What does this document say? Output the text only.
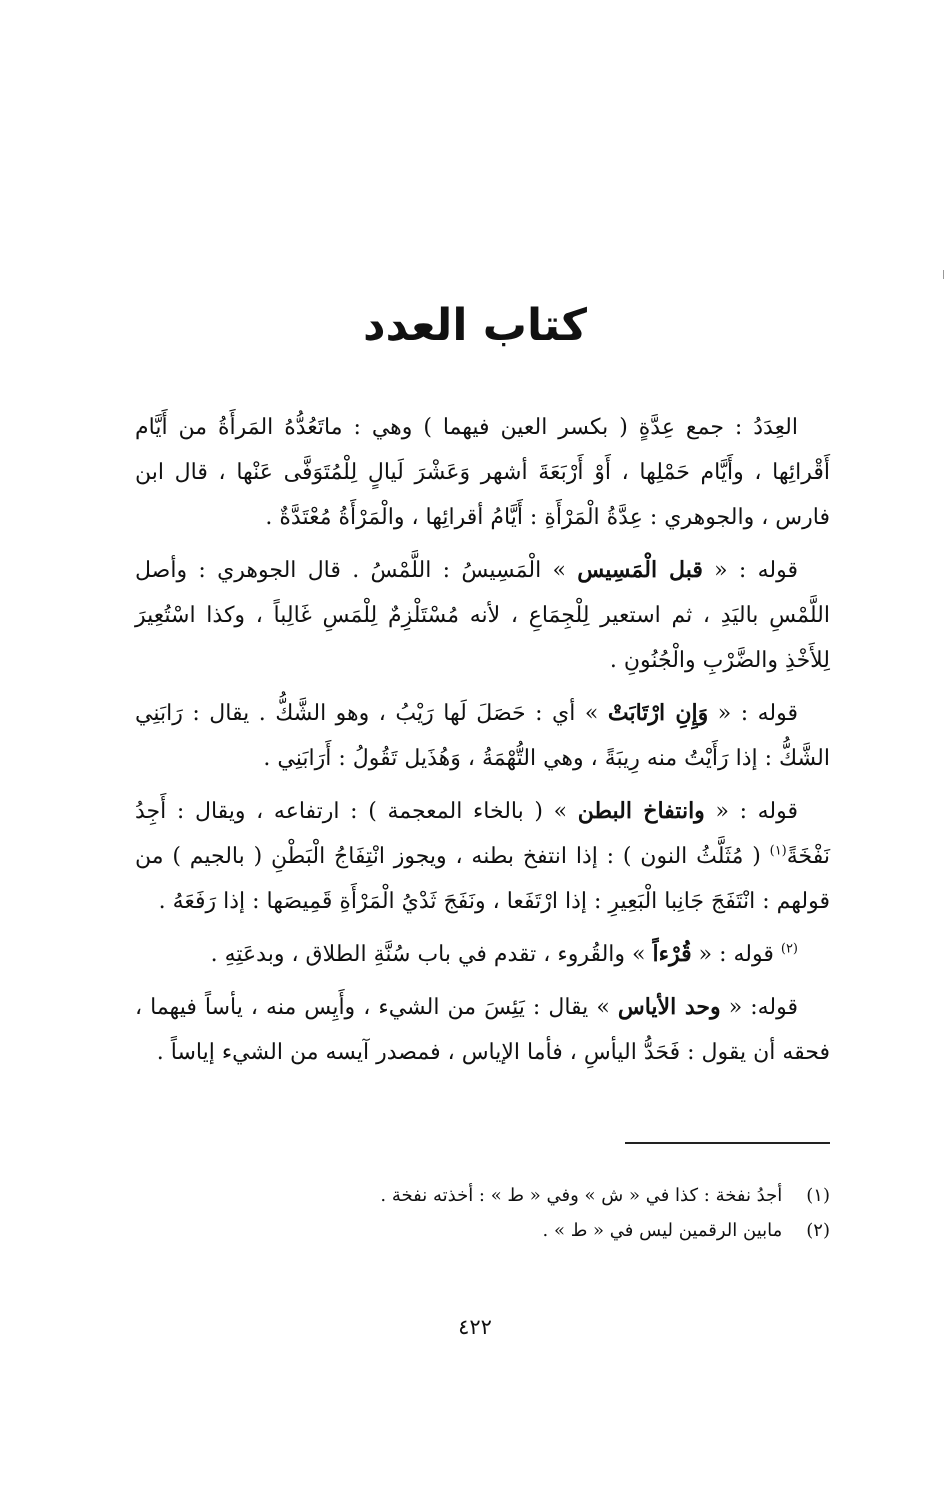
كتاب العدد

العِدَدُ : جمع عِدَّةٍ ( بكسر العين فيهما ) وهي : ماتَعُدُّهُ المَرأَةُ من أَيَّام أَقْرائِها ، وأَيَّام حَمْلِها ، أَوْ أَرْبَعَةَ أشهر وَعَشْرَ لَيالٍ لِلْمُتَوَفَّى عَنْها ، قال ابن فارس ، والجوهري : عِدَّةُ الْمَرْأَةِ : أَيَّامُ أقرائِها ، والْمَرْأَةُ مُعْتَدَّةٌ .

قوله : « قبل الْمَسِيس » الْمَسِيسُ : اللَّمْسُ . قال الجوهري : وأصل اللَّمْسِ باليَدِ ، ثم استعير لِلْجِمَاعِ ، لأنه مُسْتَلْزِمٌ لِلْمَسِ غَالِباً ، وكذا اسْتُعِيرَ لِلأَخْذِ والضَّرْبِ والْجُنُونِ .

قوله : « وَإِنِ ارْتَابَتْ » أي : حَصَلَ لَها رَيْبُ ، وهو الشَّكُّ . يقال : رَابَنِي الشَّكُّ : إذا رَأَيْتُ منه رِيبَةً ، وهي التُّهْمَةُ ، وَهُذَيل تَقُولُ : أَرَابَنِي .

قوله : « وانتفاخ البطن » ( بالخاء المعجمة ) : ارتفاعه ، ويقال : أَجِدُ نَفْخَةً$^{(١)}$ ( مُثَلَّثُ النون ) : إذا انتفخ بطنه ، ويجوز انْتِفَاجُ الْبَطْنِ ( بالجيم ) من قولهم : انْتَفَجَ جَانِبا الْبَعِيرِ : إذا ارْتَفَعا ، ونَفَجَ ثَدْيُ الْمَرْأَةِ قَمِيصَها : إذا رَفَعَهُ .

$^{(٢)}$ قوله : « قُرْءاً » والقُروء ، تقدم في باب سُنَّةِ الطلاق ، وبدعَتِهِ .

قوله: « وحد الأياس » يقال : يَئِسَ من الشيء ، وأَيِس منه ، يأساً فيهما ، فحقه أن يقول : فَحَدُّ اليأسِ ، فأما الإياس ، فمصدر آيسه من الشيء إياساً .

(١) أجدُ نفخة : كذا في « ش » وفي « ط » : أخذته نفخة .
(٢) مابين الرقمين ليس في « ط » .
٤٢٢
